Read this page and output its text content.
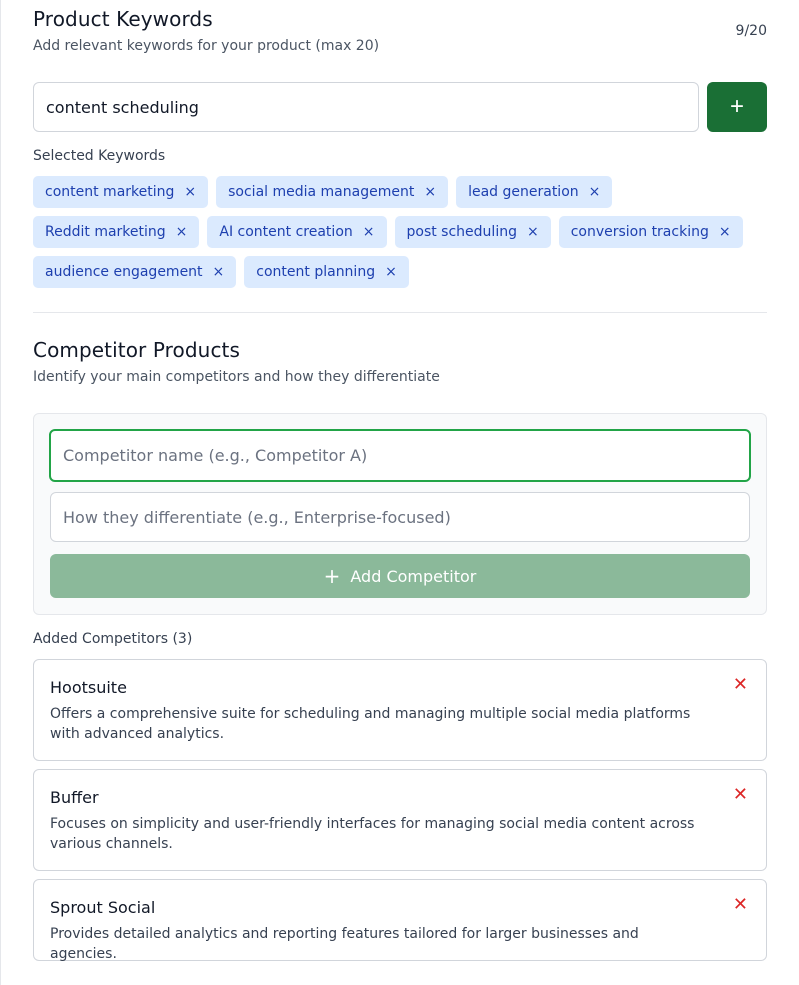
Product Keywords
Add relevant keywords for your product (max 20)
9/20
content scheduling
+
Selected Keywords
content marketing × social media management × lead generation ×
Reddit marketing × AI content creation × post scheduling × conversion tracking ×
audience engagement × content planning ×
Competitor Products
Identify your main competitors and how they differentiate
Competitor name (e.g., Competitor A)
How they differentiate (e.g., Enterprise-focused)
+ Add Competitor
Added Competitors (3)
Hootsuite
Offers a comprehensive suite for scheduling and managing multiple social media platforms with advanced analytics.
✕
Buffer
Focuses on simplicity and user-friendly interfaces for managing social media content across various channels.
✕
Sprout Social
Provides detailed analytics and reporting features tailored for larger businesses and agencies.
✕
